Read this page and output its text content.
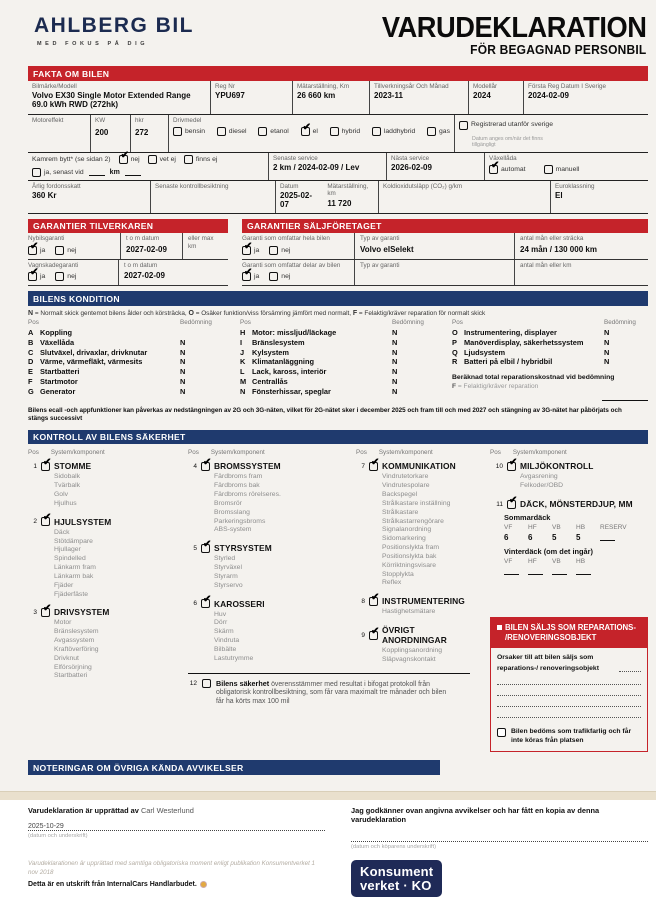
AHLBERG BIL
MED FOKUS PÅ DIG	VARUDEKLARATION
FÖR BEGAGNAD PERSONBIL
FAKTA OM BILEN
Bilmärke/Modell
Volvo EX30 Single Motor Extended Range 69.0 kWh RWD (272hk)
Reg Nr
YPU697
Mätarställning, Km
26 660 km
Tillverkningsår Och Månad
2023-11
Modellår
2024
Första Reg Datum I Sverige
2024-02-09
Motoreffekt	KW
200
hkr
272
Drivmedel
bensin	diesel	etanol ✔ el	hybrid	laddhybrid	gas
Registrerad utanför sverige
Datum anges om/när det finns tillgängligt
Kamrem bytt* (se sidan 2) ✔ nej	vet ej	finns ej
ja, senast vid	km
Senaste service
2 km / 2024-02-09 / Lev
Nästa service
2026-02-09
Växellåda
✔ automat	manuell
Årlig fordonsskatt
360 Kr
Senaste kontrollbesiktning	Datum
2025-02-07
Mätarställning, km
11 720
Koldioxidutsläpp (CO₂) g/km	Euroklassning
El
GARANTIER TILVERKAREN
Nybilsgaranti
✔ ja	nej
t o m datum
2027-02-09
eller max km
Vagnskadegaranti
✔ ja	nej
t o m datum
2027-02-09
GARANTIER SÄLJFÖRETAGET
Garanti som omfattar hela bilen
✔ ja	nej
Typ av garanti
Volvo elSelekt
antal mån eller sträcka
24 mån / 130 000 km
Garanti som omfattar delar av bilen
✔ ja	nej
Typ av garanti	antal mån eller km
BILENS KONDITION
N = Normalt skick gentemot bilens ålder och körsträcka, O = Osäker funktion/viss försämring jämfört med normalt, F = Felaktig/kräver reparation för normalt skick
Pos	Bedömning
A Koppling
B Växellåda	N
C Slutväxel, drivaxlar, drivknutar	N
D Värme, värmefläkt, värmesits	N
E Startbatteri	N
F	Startmotor	N
G Generator	N
Pos	Bedömning
H Motor: missljud/läckage	N
I	Bränslesystem	N
J	Kylsystem	N
K Klimatanläggning	N
L	Lack, kaross, interiör	N
M Centrallås	N
N Fönsterhissar, speglar	N
Pos	Bedömning
O Instrumentering, displayer	N
P Manöverdisplay, säkerhetssystem	N
Q Ljudsystem	N
R Batteri på elbil / hybridbil	N
Beräknad total reparationskostnad vid bedömning
F = Felaktig/kräver reparation
Bilens ecall -och appfunktioner kan påverkas av nedstängningen av 2G och 3G-näten, vilket för 2G-nätet sker i december 2025 och fram till och med 2027 och stängning av 3G-nätet har påbörjats och stängs successivt
KONTROLL AV BILENS SÄKERHET
Pos System/komponent
1 ✔ STOMME
Sidobalk
Tvärbalk
Golv
Hjulhus
2 ✔ HJULSYSTEM
Däck
Stötdämpare
Hjullager
Spindelled
Länkarm fram
Länkarm bak
Fjäder
Fjäderfäste
3 ✔ DRIVSYSTEM
Motor
Bränslesystem
Avgassystem
Kraftöverföring
Drivknut
Elförsörjning
Startbatteri
Pos System/komponent
4 ✔ BROMSSYSTEM
Färdbroms fram
Färdbroms bak
Färdbroms rörelseres.
Bromsrör
Bromsslang
Parkeringsbroms
ABS-system
5 ✔ STYRSYSTEM
Styrled
Styrväxel
Styrarm
Styrservo
6 ✔ KAROSSERI
Huv
Dörr
Skärm
Vindruta
Bilbälte
Lastutrymme
12	Bilens säkerhet överensstämmer med resultat i bifogat protokoll från obligatorisk kontrollbesiktning, som får vara maximalt tre månader och bilen får ha körts max 100 mil
Pos System/komponent
7 ✔ KOMMUNIKATION
Vindrutetorkare
Vindrutespolare
Backspegel
Strålkastare inställning
Strålkastare
Strålkastarrengörare
Signalanordning
Sidomarkering
Positionslykta fram
Positionslykta bak
Körriktningsvisare
Stopplykta
Reflex
8 ✔ INSTRUMENTERING
Hastighetsmätare
9 ✔ ÖVRIGT ANORDNINGAR
Kopplingsanordning
Släpvagnskontakt
Pos System/komponent
10 ✔ MILJÖKONTROLL
Avgasrening
Felkoder/OBD
11 ✔ DÄCK, MÖNSTERDJUP, MM
Sommardäck
VF	HF	VB	HB	RESERV
6	6	5	5
Vinterdäck (om det ingår)
VF	HF	VB	HB
BILEN SÄLJS SOM REPARATIONS-
/RENOVERINGSOBJEKT
Orsaker till att bilen säljs som reparations-/ renoveringsobjekt
Bilen bedöms som trafikfarlig och får inte köras från platsen
NOTERINGAR OM ÖVRIGA KÄNDA AVVIKELSER
Varudeklaration är upprättad av Carl Westerlund
2025-10-29
(datum och underskrift)
Jag godkänner ovan angivna avvikelser och har fått en kopia av denna varudeklaration
(datum och köparens underskrift)
Varudeklarationen är upprättad med samtliga obligatoriska moment enligt publikation Konsumentverket 1 nov 2018
Detta är en utskrift från InternalCars Handlarbudet.
Konsument
verket · KO
